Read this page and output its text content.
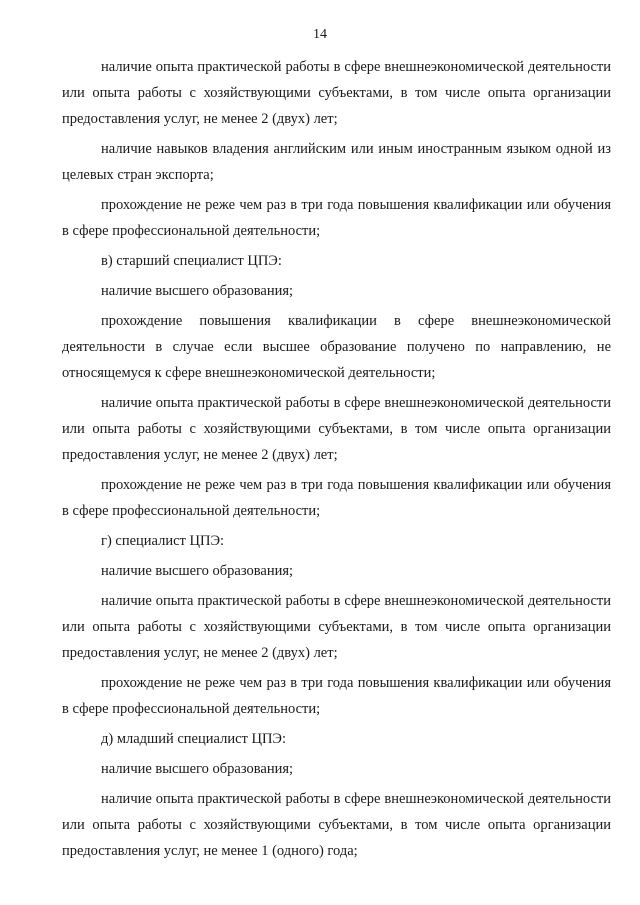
14

наличие опыта практической работы в сфере внешнеэкономической деятельности или опыта работы с хозяйствующими субъектами, в том числе опыта организации предоставления услуг, не менее 2 (двух) лет;

наличие навыков владения английским или иным иностранным языком одной из целевых стран экспорта;

прохождение не реже чем раз в три года повышения квалификации или обучения в сфере профессиональной деятельности;

в) старший специалист ЦПЭ:

наличие высшего образования;

прохождение повышения квалификации в сфере внешнеэкономической деятельности в случае если высшее образование получено по направлению, не относящемуся к сфере внешнеэкономической деятельности;

наличие опыта практической работы в сфере внешнеэкономической деятельности или опыта работы с хозяйствующими субъектами, в том числе опыта организации предоставления услуг, не менее 2 (двух) лет;

прохождение не реже чем раз в три года повышения квалификации или обучения в сфере профессиональной деятельности;

г) специалист ЦПЭ:

наличие высшего образования;

наличие опыта практической работы в сфере внешнеэкономической деятельности или опыта работы с хозяйствующими субъектами, в том числе опыта организации предоставления услуг, не менее 2 (двух) лет;

прохождение не реже чем раз в три года повышения квалификации или обучения в сфере профессиональной деятельности;

д) младший специалист ЦПЭ:

наличие высшего образования;

наличие опыта практической работы в сфере внешнеэкономической деятельности или опыта работы с хозяйствующими субъектами, в том числе опыта организации предоставления услуг, не менее 1 (одного) года;
